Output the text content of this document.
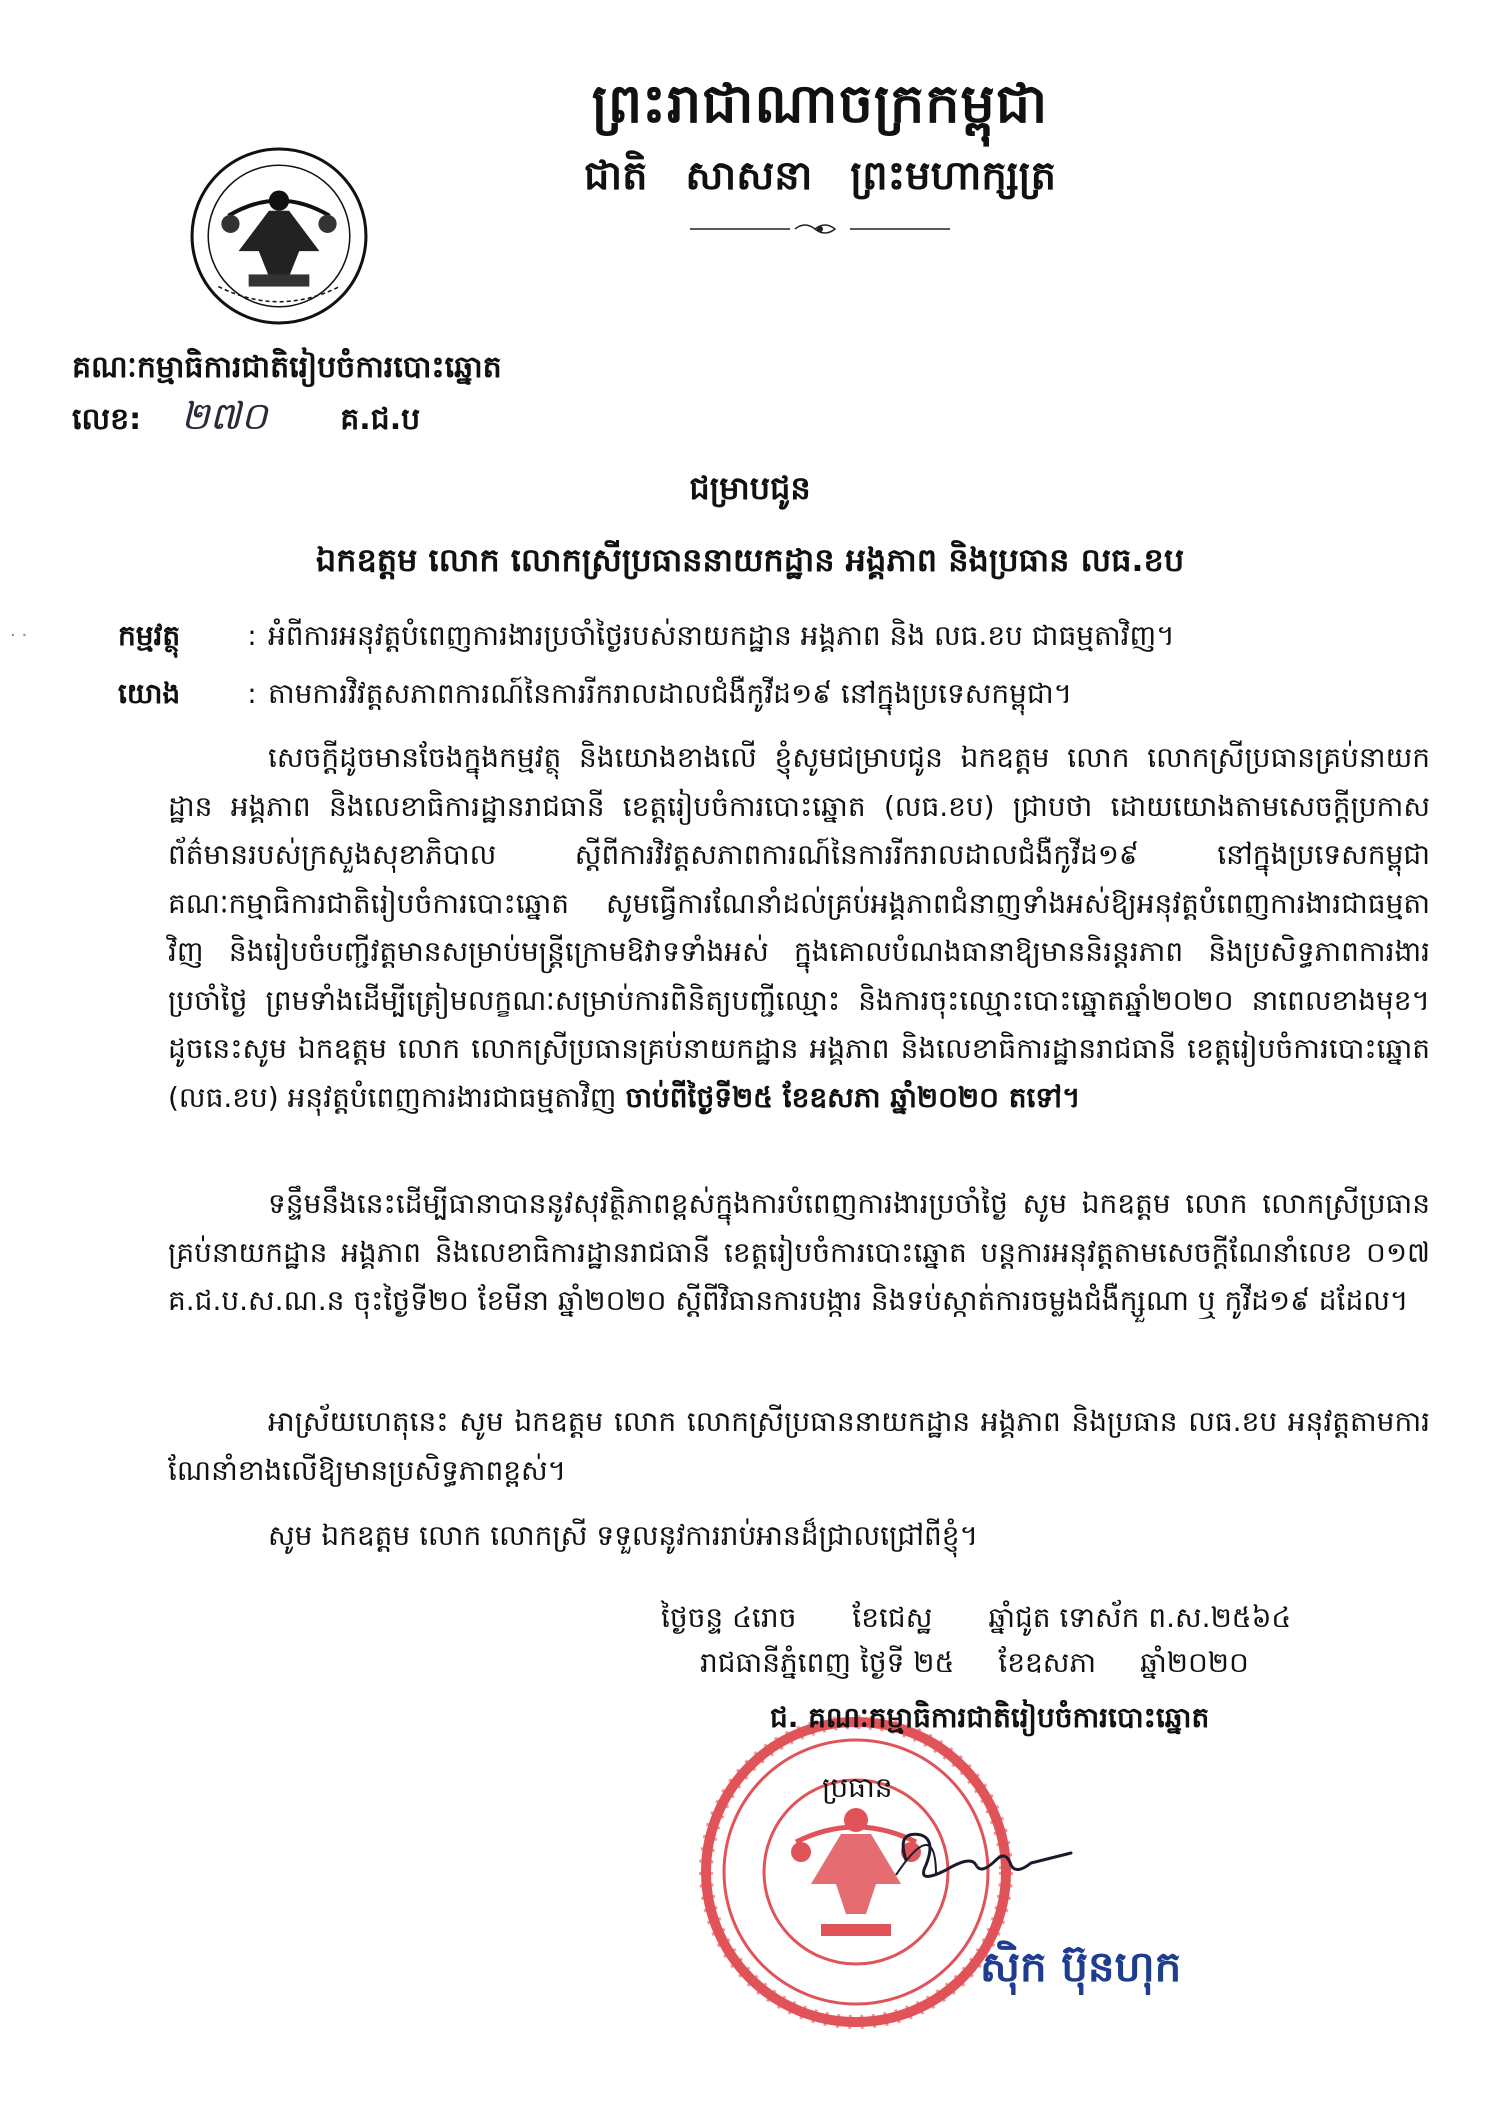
ព្រះរាជាណាចក្រកម្ពុជា
ជាតិ សាសនា ព្រះមហាក្សត្រ
គណៈកម្មាធិការជាតិរៀបចំការបោះឆ្នោត
លេខ: ២៧០ គ.ជ.ប
ជម្រាបជូន
ឯកឧត្តម លោក លោកស្រីប្រធាននាយកដ្ឋាន អង្គភាព និងប្រធាន លធ.ខប
· ·	កម្មវត្ថុ	: អំពីការអនុវត្តបំពេញការងារប្រចាំថ្ងៃរបស់នាយកដ្ឋាន អង្គភាព និង លធ.ខប ជាធម្មតាវិញ។
យោង	: តាមការវិវត្តសភាពការណ៍នៃការរីករាលដាលជំងឺកូវីដ១៩ នៅក្នុងប្រទេសកម្ពុជា។

សេចក្ដីដូចមានចែងក្នុងកម្មវត្ថុ និងយោងខាងលើ ខ្ញុំសូមជម្រាបជូន ឯកឧត្តម លោក លោកស្រីប្រធានគ្រប់នាយកដ្ឋាន អង្គភាព និងលេខាធិការដ្ឋានរាជធានី ខេត្តរៀបចំការបោះឆ្នោត (លធ.ខប) ជ្រាបថា ដោយយោងតាមសេចក្ដីប្រកាសព័ត៌មានរបស់ក្រសួងសុខាភិបាល ស្ដីពីការវិវត្តសភាពការណ៍នៃការរីករាលដាលជំងឺកូវីដ១៩ នៅក្នុងប្រទេសកម្ពុជា គណៈកម្មាធិការជាតិរៀបចំការបោះឆ្នោត សូមធ្វើការណែនាំដល់គ្រប់អង្គភាពជំនាញទាំងអស់ឱ្យអនុវត្តបំពេញការងារជាធម្មតាវិញ និងរៀបចំបញ្ជីវត្តមានសម្រាប់មន្ត្រីក្រោមឱវាទទាំងអស់ ក្នុងគោលបំណងធានាឱ្យមាននិរន្តរភាព និងប្រសិទ្ធភាពការងារប្រចាំថ្ងៃ ព្រមទាំងដើម្បីត្រៀមលក្ខណៈសម្រាប់ការពិនិត្យបញ្ជីឈ្មោះ និងការចុះឈ្មោះបោះឆ្នោតឆ្នាំ២០២០ នាពេលខាងមុខ។ ដូចនេះសូម ឯកឧត្តម លោក លោកស្រីប្រធានគ្រប់នាយកដ្ឋាន អង្គភាព និងលេខាធិការដ្ឋានរាជធានី ខេត្តរៀបចំការបោះឆ្នោត (លធ.ខប) អនុវត្តបំពេញការងារជាធម្មតាវិញ ចាប់ពីថ្ងៃទី២៥ ខែឧសភា ឆ្នាំ២០២០ តទៅ។

ទន្ទឹមនឹងនេះដើម្បីធានាបាននូវសុវត្ថិភាពខ្ពស់ក្នុងការបំពេញការងារប្រចាំថ្ងៃ សូម ឯកឧត្តម លោក លោកស្រីប្រធានគ្រប់នាយកដ្ឋាន អង្គភាព និងលេខាធិការដ្ឋានរាជធានី ខេត្តរៀបចំការបោះឆ្នោត បន្តការអនុវត្តតាមសេចក្ដីណែនាំលេខ ០១៧ គ.ជ.ប.ស.ណ.ន ចុះថ្ងៃទី២០ ខែមីនា ឆ្នាំ២០២០ ស្ដីពីវិធានការបង្ការ និងទប់ស្កាត់ការចម្លងជំងឺក្សួណា ឬ កូវីដ១៩ ដដែល។

អាស្រ័យហេតុនេះ សូម ឯកឧត្តម លោក លោកស្រីប្រធាននាយកដ្ឋាន អង្គភាព និងប្រធាន លធ.ខប អនុវត្តតាមការណែនាំខាងលើឱ្យមានប្រសិទ្ធភាពខ្ពស់។

សូម ឯកឧត្តម លោក លោកស្រី ទទួលនូវការរាប់អានដ៏ជ្រាលជ្រៅពីខ្ញុំ។
ថ្ងៃចន្ទ ៤រោច ខែជេស្ឋ ឆ្នាំជូត ទោស័ក ព.ស.២៥៦៤
រាជធានីភ្នំពេញ ថ្ងៃទី ២៥ ខែឧសភា ឆ្នាំ២០២០
ជ. គណៈកម្មាធិការជាតិរៀបចំការបោះឆ្នោត
ប្រធាន
ស៊ិក ប៊ុនហុក
